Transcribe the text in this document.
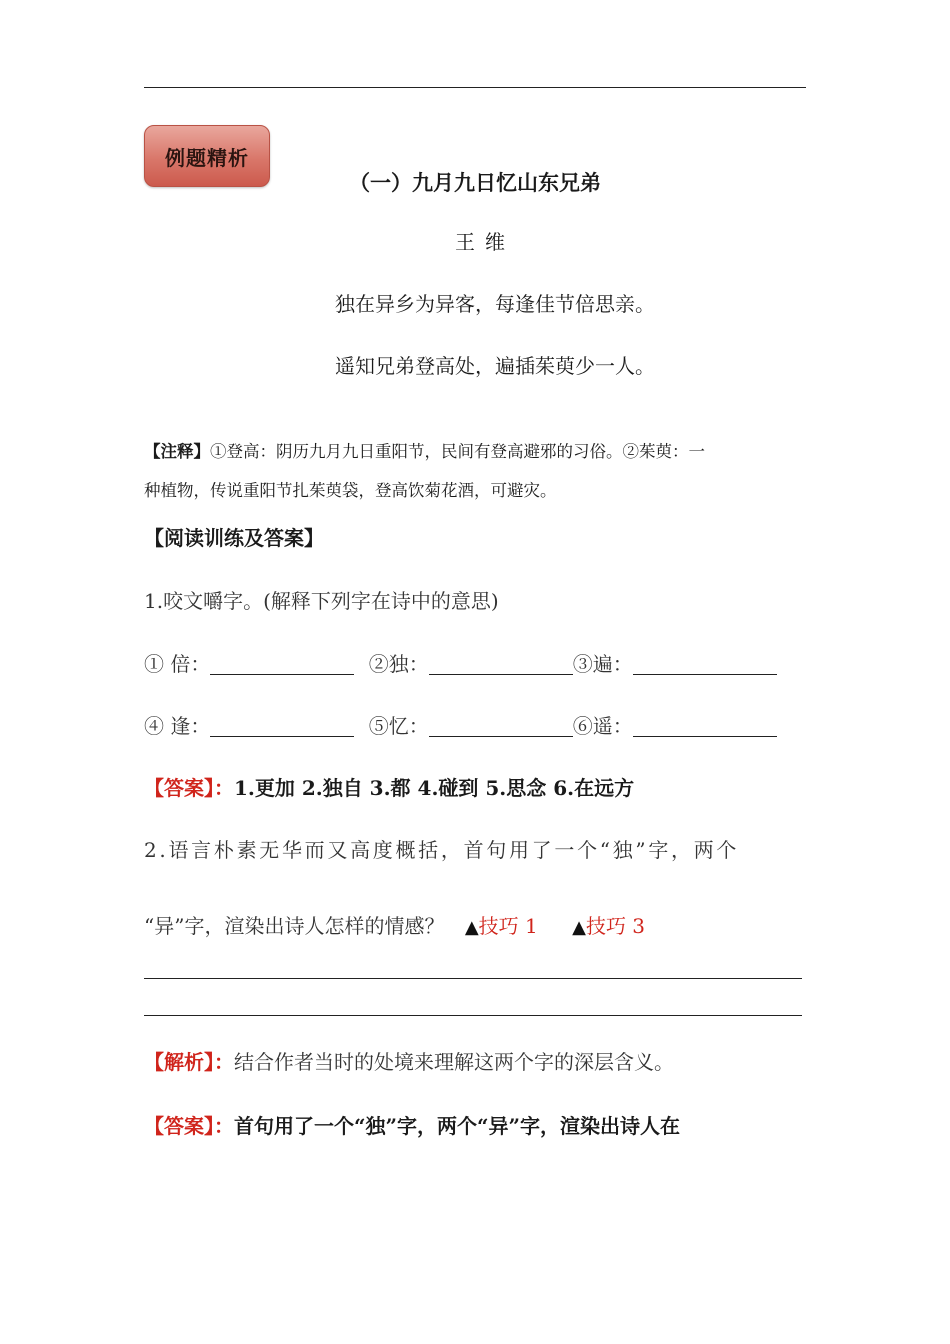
例题精析
（一）九月九日忆山东兄弟
王维
独在异乡为异客，每逢佳节倍思亲。
遥知兄弟登高处，遍插茱萸少一人。
【注释】①登高：阴历九月九日重阳节，民间有登高避邪的习俗。②茱萸：一
种植物，传说重阳节扎茱萸袋，登高饮菊花酒，可避灾。
【阅读训练及答案】
1.咬文嚼字。(解释下列字在诗中的意思)
① 倍：	②独：	③遍：
④ 逢：	⑤忆：	⑥遥：
【答案】：1.更加 2.独自 3.都 4.碰到 5.思念 6.在远方
2.语言朴素无华而又高度概括，首句用了一个“独”字，两个
“异”字，渲染出诗人怎样的情感？ ▲技巧 1 ▲技巧 3
【解析】：结合作者当时的处境来理解这两个字的深层含义。
【答案】：首句用了一个“独”字，两个“异”字，渲染出诗人在
